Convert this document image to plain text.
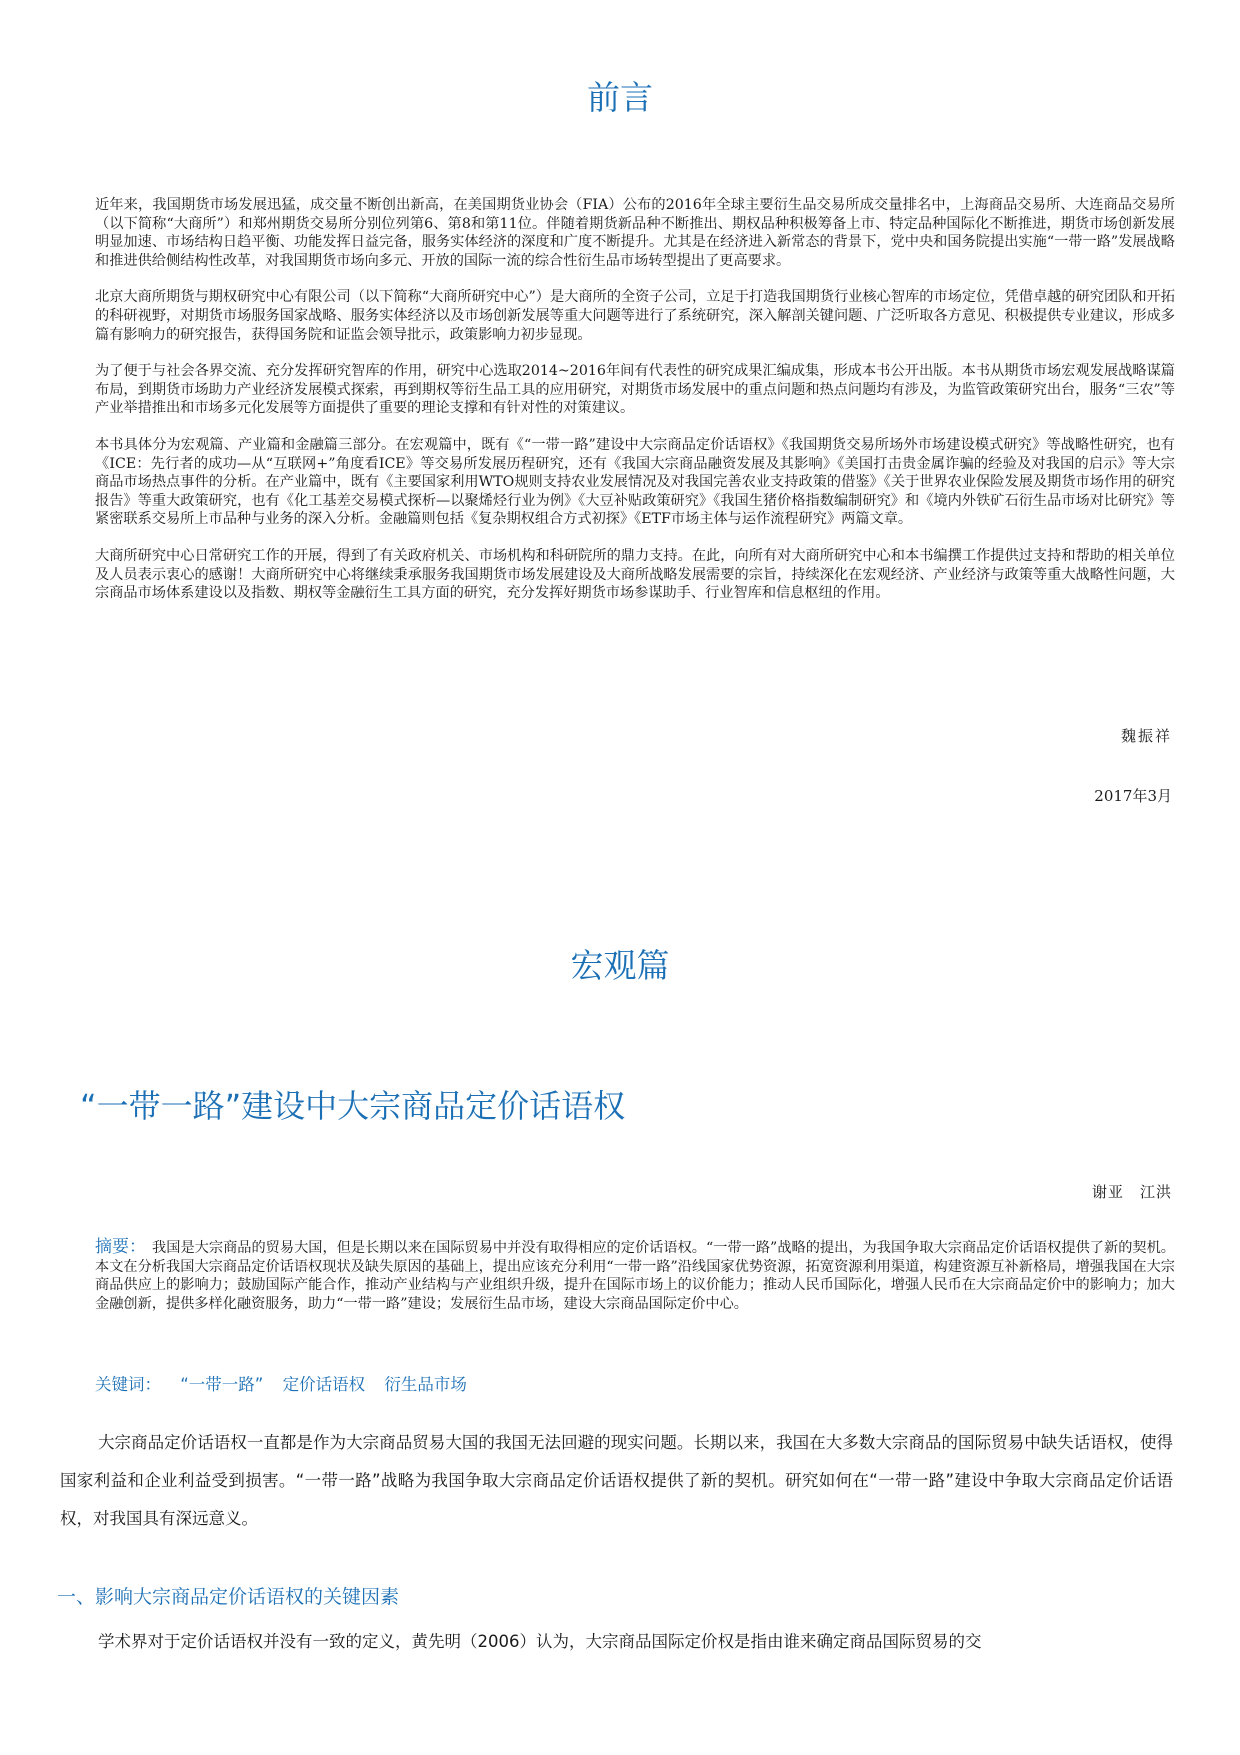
前言

近年来，我国期货市场发展迅猛，成交量不断创出新高，在美国期货业协会（FIA）公布的2016年全球主要衍生品交易所成交量排名中，上海商品交易所、大连商品交易所（以下简称“大商所”）和郑州期货交易所分别位列第6、第8和第11位。伴随着期货新品种不断推出、期权品种积极筹备上市、特定品种国际化不断推进，期货市场创新发展明显加速、市场结构日趋平衡、功能发挥日益完备，服务实体经济的深度和广度不断提升。尤其是在经济进入新常态的背景下，党中央和国务院提出实施“一带一路”发展战略和推进供给侧结构性改革，对我国期货市场向多元、开放的国际一流的综合性衍生品市场转型提出了更高要求。

北京大商所期货与期权研究中心有限公司（以下简称“大商所研究中心”）是大商所的全资子公司，立足于打造我国期货行业核心智库的市场定位，凭借卓越的研究团队和开拓的科研视野，对期货市场服务国家战略、服务实体经济以及市场创新发展等重大问题等进行了系统研究，深入解剖关键问题、广泛听取各方意见、积极提供专业建议，形成多篇有影响力的研究报告，获得国务院和证监会领导批示，政策影响力初步显现。

为了便于与社会各界交流、充分发挥研究智库的作用，研究中心选取2014~2016年间有代表性的研究成果汇编成集，形成本书公开出版。本书从期货市场宏观发展战略谋篇布局，到期货市场助力产业经济发展模式探索，再到期权等衍生品工具的应用研究，对期货市场发展中的重点问题和热点问题均有涉及，为监管政策研究出台，服务“三农”等产业举措推出和市场多元化发展等方面提供了重要的理论支撑和有针对性的对策建议。

本书具体分为宏观篇、产业篇和金融篇三部分。在宏观篇中，既有《“一带一路”建设中大宗商品定价话语权》《我国期货交易所场外市场建设模式研究》等战略性研究，也有《ICE：先行者的成功—从“互联网+”角度看ICE》等交易所发展历程研究，还有《我国大宗商品融资发展及其影响》《美国打击贵金属诈骗的经验及对我国的启示》等大宗商品市场热点事件的分析。在产业篇中，既有《主要国家利用WTO规则支持农业发展情况及对我国完善农业支持政策的借鉴》《关于世界农业保险发展及期货市场作用的研究报告》等重大政策研究，也有《化工基差交易模式探析—以聚烯烃行业为例》《大豆补贴政策研究》《我国生猪价格指数编制研究》和《境内外铁矿石衍生品市场对比研究》等紧密联系交易所上市品种与业务的深入分析。金融篇则包括《复杂期权组合方式初探》《ETF市场主体与运作流程研究》两篇文章。

大商所研究中心日常研究工作的开展，得到了有关政府机关、市场机构和科研院所的鼎力支持。在此，向所有对大商所研究中心和本书编撰工作提供过支持和帮助的相关单位及人员表示衷心的感谢！大商所研究中心将继续秉承服务我国期货市场发展建设及大商所战略发展需要的宗旨，持续深化在宏观经济、产业经济与政策等重大战略性问题，大宗商品市场体系建设以及指数、期权等金融衍生工具方面的研究，充分发挥好期货市场参谋助手、行业智库和信息枢纽的作用。

魏振祥
2017年3月
宏观篇
“一带一路”建设中大宗商品定价话语权
谢亚　江洪
摘要： 我国是大宗商品的贸易大国，但是长期以来在国际贸易中并没有取得相应的定价话语权。“一带一路”战略的提出，为我国争取大宗商品定价话语权提供了新的契机。本文在分析我国大宗商品定价话语权现状及缺失原因的基础上，提出应该充分利用“一带一路”沿线国家优势资源，拓宽资源利用渠道，构建资源互补新格局，增强我国在大宗商品供应上的影响力；鼓励国际产能合作，推动产业结构与产业组织升级，提升在国际市场上的议价能力；推动人民币国际化，增强人民币在大宗商品定价中的影响力；加大金融创新，提供多样化融资服务，助力“一带一路”建设；发展衍生品市场，建设大宗商品国际定价中心。
关键词： “一带一路” 定价话语权 衍生品市场

大宗商品定价话语权一直都是作为大宗商品贸易大国的我国无法回避的现实问题。长期以来，我国在大多数大宗商品的国际贸易中缺失话语权，使得国家利益和企业利益受到损害。“一带一路”战略为我国争取大宗商品定价话语权提供了新的契机。研究如何在“一带一路”建设中争取大宗商品定价话语权，对我国具有深远意义。

一、影响大宗商品定价话语权的关键因素

学术界对于定价话语权并没有一致的定义，黄先明（2006）认为，大宗商品国际定价权是指由谁来确定商品国际贸易的交
